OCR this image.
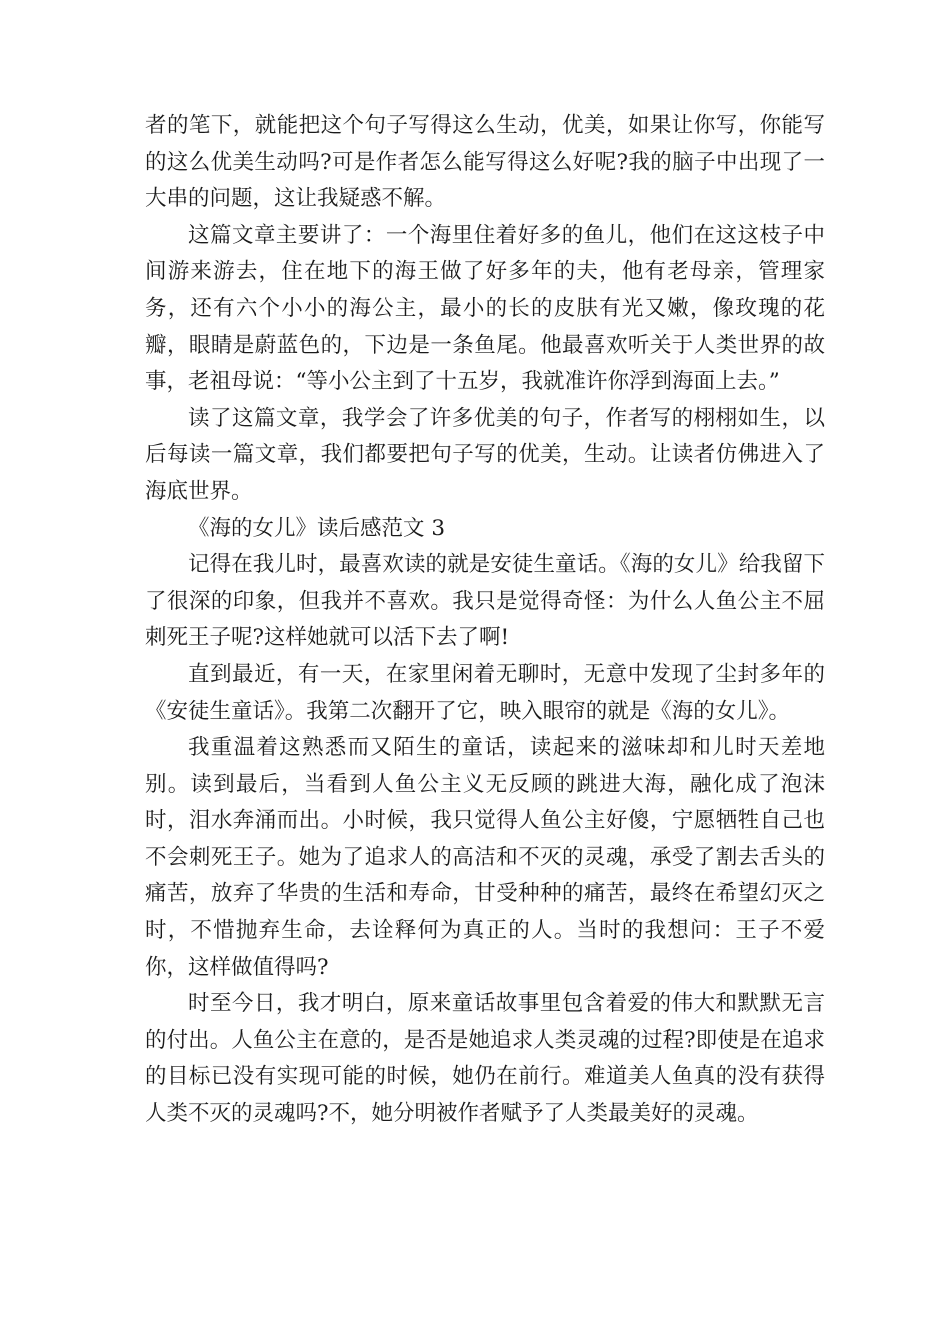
者的笔下，就能把这个句子写得这么生动，优美，如果让你写，你能写的这么优美生动吗?可是作者怎么能写得这么好呢?我的脑子中出现了一大串的问题，这让我疑惑不解。

这篇文章主要讲了：一个海里住着好多的鱼儿，他们在这这枝子中间游来游去，住在地下的海王做了好多年的夫，他有老母亲，管理家务，还有六个小小的海公主，最小的长的皮肤有光又嫩，像玫瑰的花瓣，眼睛是蔚蓝色的，下边是一条鱼尾。他最喜欢听关于人类世界的故事，老祖母说：“等小公主到了十五岁，我就准许你浮到海面上去。”

读了这篇文章，我学会了许多优美的句子，作者写的栩栩如生，以后每读一篇文章，我们都要把句子写的优美，生动。让读者仿佛进入了海底世界。

《海的女儿》读后感范文 3

记得在我儿时，最喜欢读的就是安徒生童话。《海的女儿》给我留下了很深的印象，但我并不喜欢。我只是觉得奇怪：为什么人鱼公主不屈刺死王子呢?这样她就可以活下去了啊!

直到最近，有一天，在家里闲着无聊时，无意中发现了尘封多年的《安徒生童话》。我第二次翻开了它，映入眼帘的就是《海的女儿》。

我重温着这熟悉而又陌生的童话，读起来的滋味却和儿时天差地别。读到最后，当看到人鱼公主义无反顾的跳进大海，融化成了泡沫时，泪水奔涌而出。小时候，我只觉得人鱼公主好傻，宁愿牺牲自己也不会刺死王子。她为了追求人的高洁和不灭的灵魂，承受了割去舌头的痛苦，放弃了华贵的生活和寿命，甘受种种的痛苦，最终在希望幻灭之时，不惜抛弃生命，去诠释何为真正的人。当时的我想问：王子不爱你，这样做值得吗?

时至今日，我才明白，原来童话故事里包含着爱的伟大和默默无言的付出。人鱼公主在意的，是否是她追求人类灵魂的过程?即使是在追求的目标已没有实现可能的时候，她仍在前行。难道美人鱼真的没有获得人类不灭的灵魂吗?不，她分明被作者赋予了人类最美好的灵魂。
